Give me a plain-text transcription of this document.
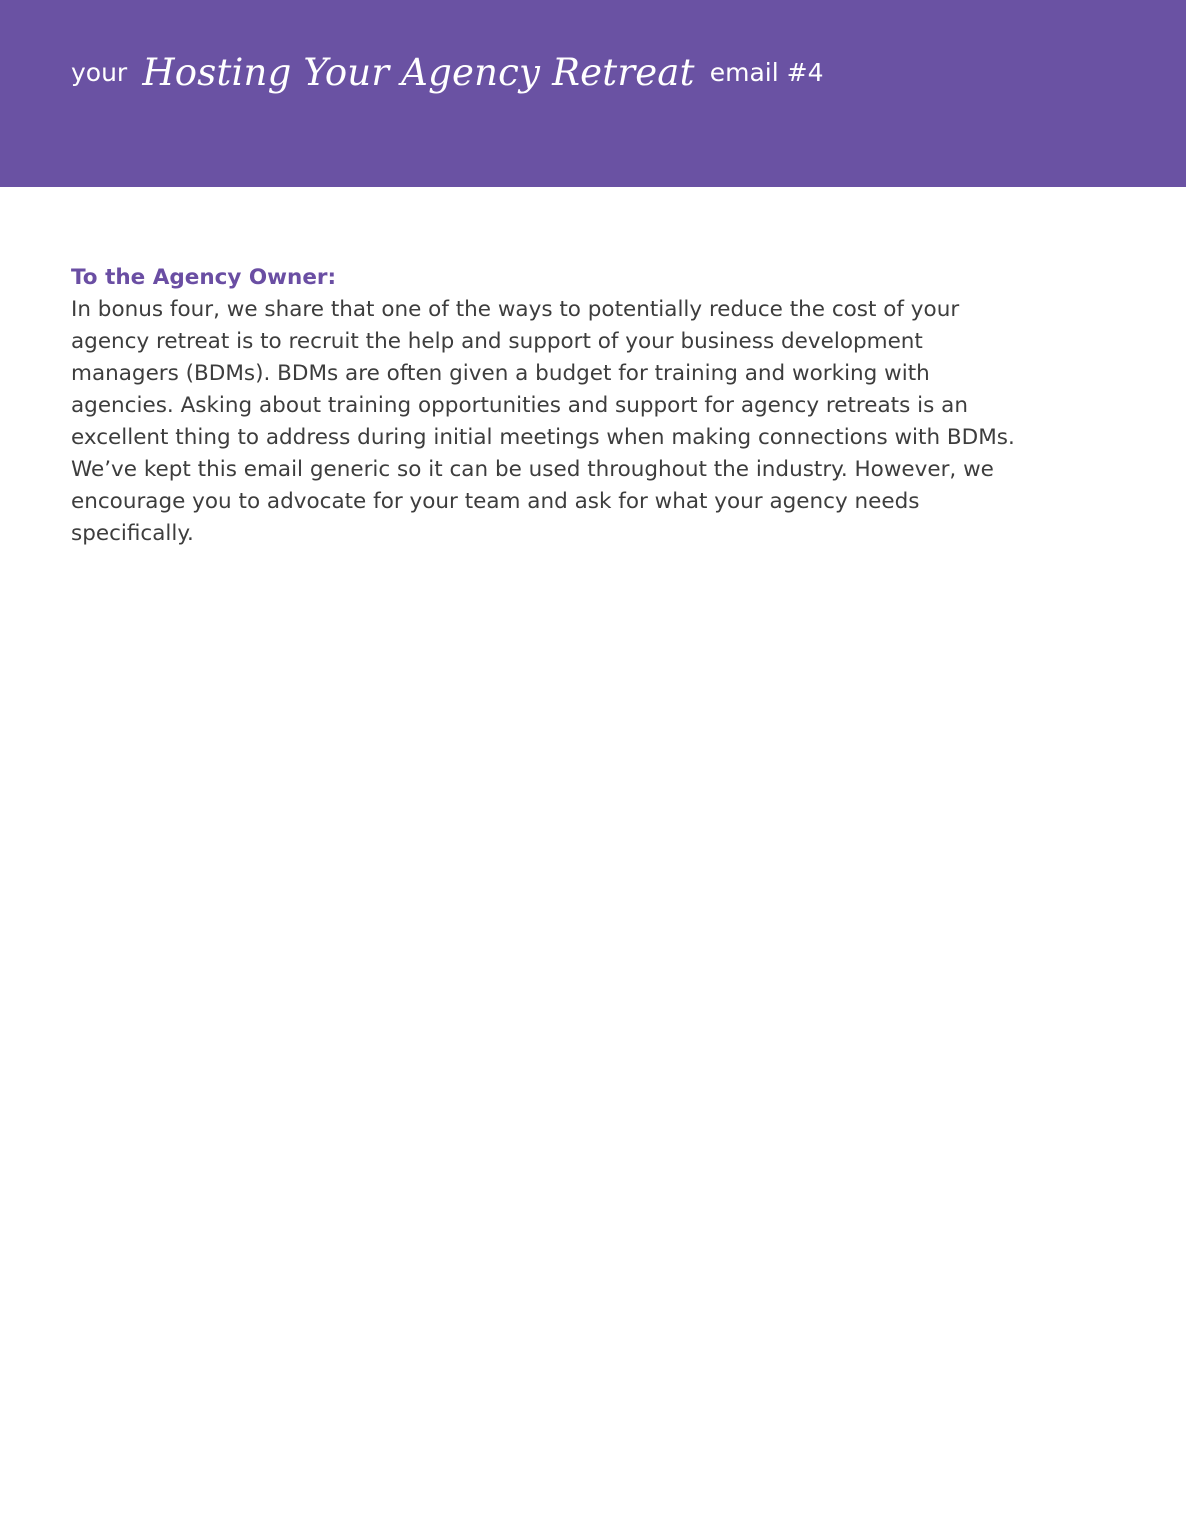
your Hosting Your Agency Retreat email #4
To the Agency Owner:

In bonus four, we share that one of the ways to potentially reduce the cost of your
agency retreat is to recruit the help and support of your business development
managers (BDMs). BDMs are often given a budget for training and working with
agencies. Asking about training opportunities and support for agency retreats is an
excellent thing to address during initial meetings when making connections with BDMs.
We’ve kept this email generic so it can be used throughout the industry. However, we
encourage you to advocate for your team and ask for what your agency needs
specifically.
